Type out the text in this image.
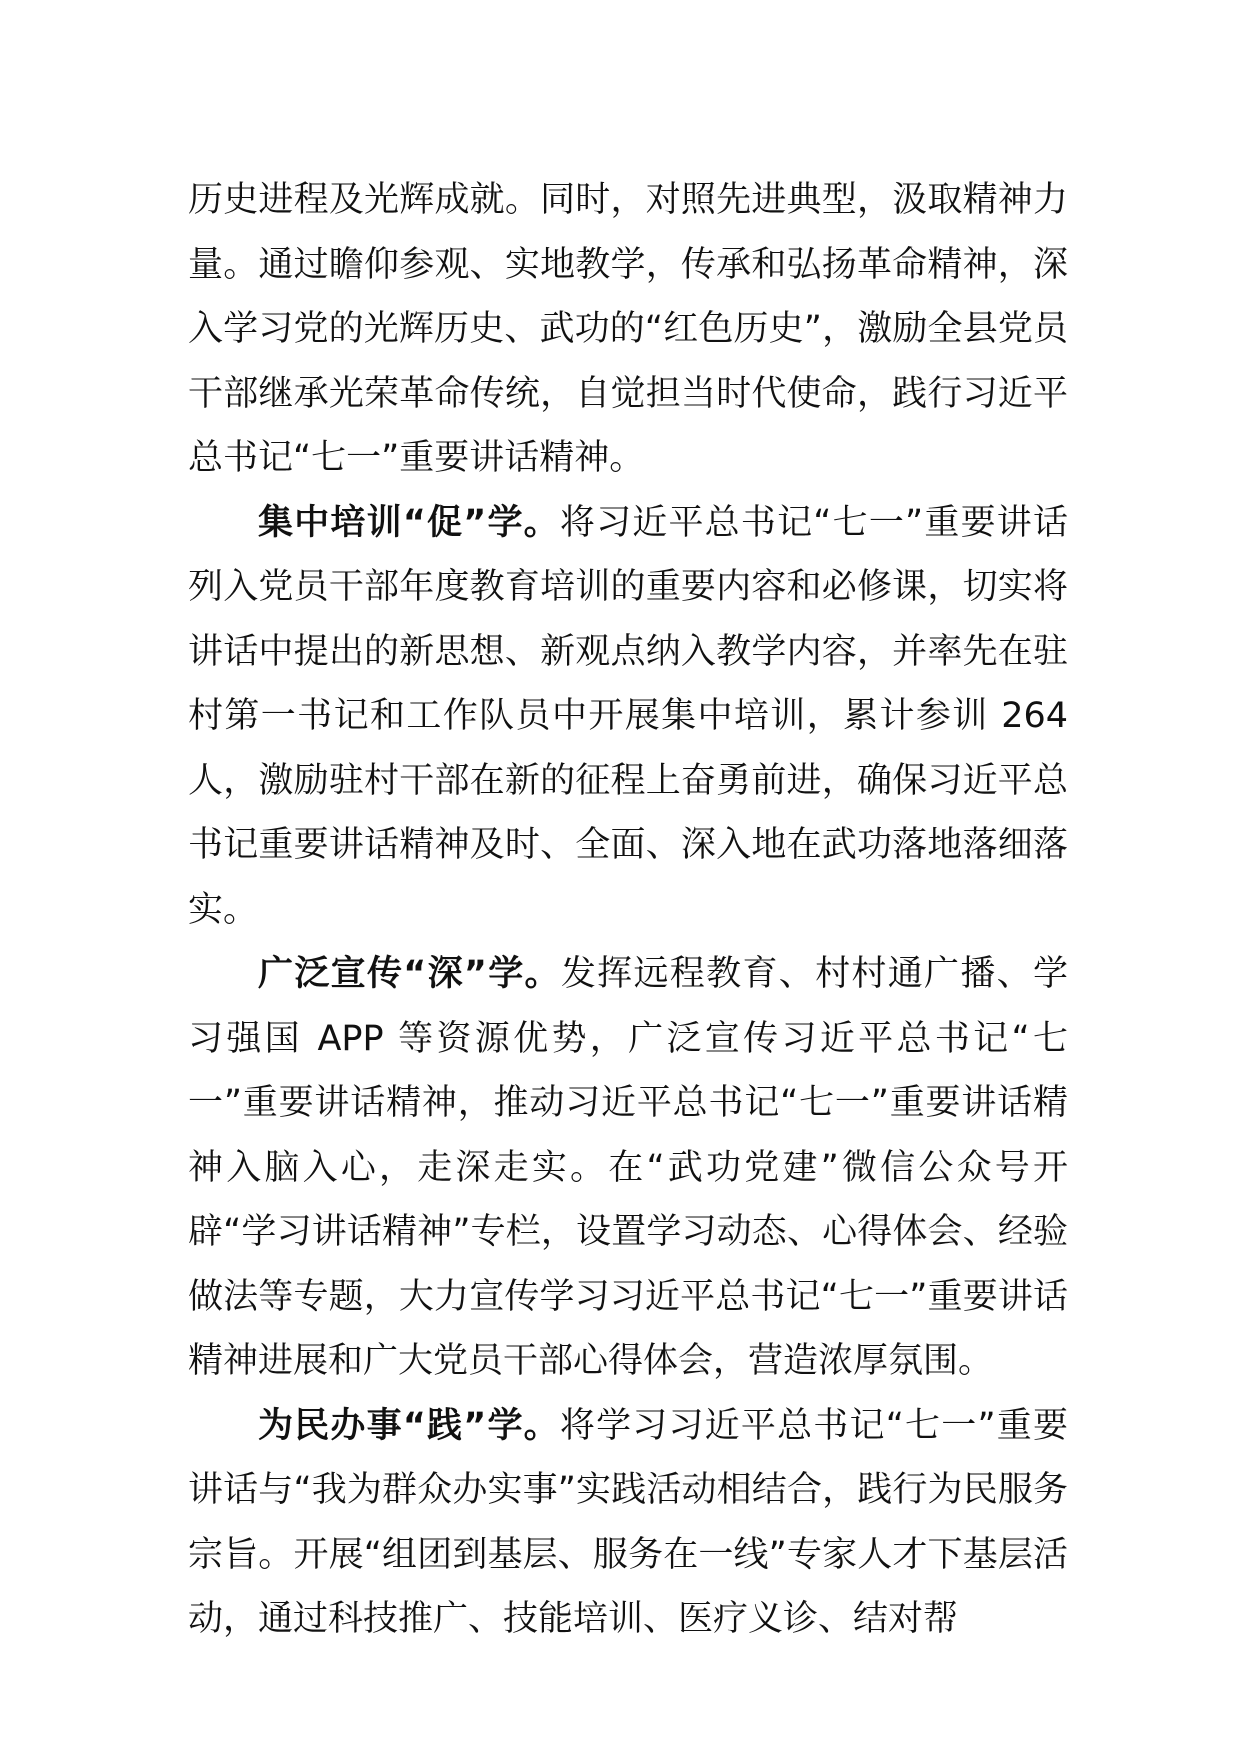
历史进程及光辉成就。同时，对照先进典型，汲取精神力量。通过瞻仰参观、实地教学，传承和弘扬革命精神，深入学习党的光辉历史、武功的“红色历史”，激励全县党员干部继承光荣革命传统，自觉担当时代使命，践行习近平总书记“七一”重要讲话精神。

集中培训“促”学。将习近平总书记“七一”重要讲话列入党员干部年度教育培训的重要内容和必修课，切实将讲话中提出的新思想、新观点纳入教学内容，并率先在驻村第一书记和工作队员中开展集中培训，累计参训 264 人，激励驻村干部在新的征程上奋勇前进，确保习近平总书记重要讲话精神及时、全面、深入地在武功落地落细落实。

广泛宣传“深”学。发挥远程教育、村村通广播、学习强国 APP 等资源优势，广泛宣传习近平总书记“七一”重要讲话精神，推动习近平总书记“七一”重要讲话精神入脑入心，走深走实。在“武功党建”微信公众号开辟“学习讲话精神”专栏，设置学习动态、心得体会、经验做法等专题，大力宣传学习习近平总书记“七一”重要讲话精神进展和广大党员干部心得体会，营造浓厚氛围。

为民办事“践”学。将学习习近平总书记“七一”重要讲话与“我为群众办实事”实践活动相结合，践行为民服务宗旨。开展“组团到基层、服务在一线”专家人才下基层活动，通过科技推广、技能培训、医疗义诊、结对帮
